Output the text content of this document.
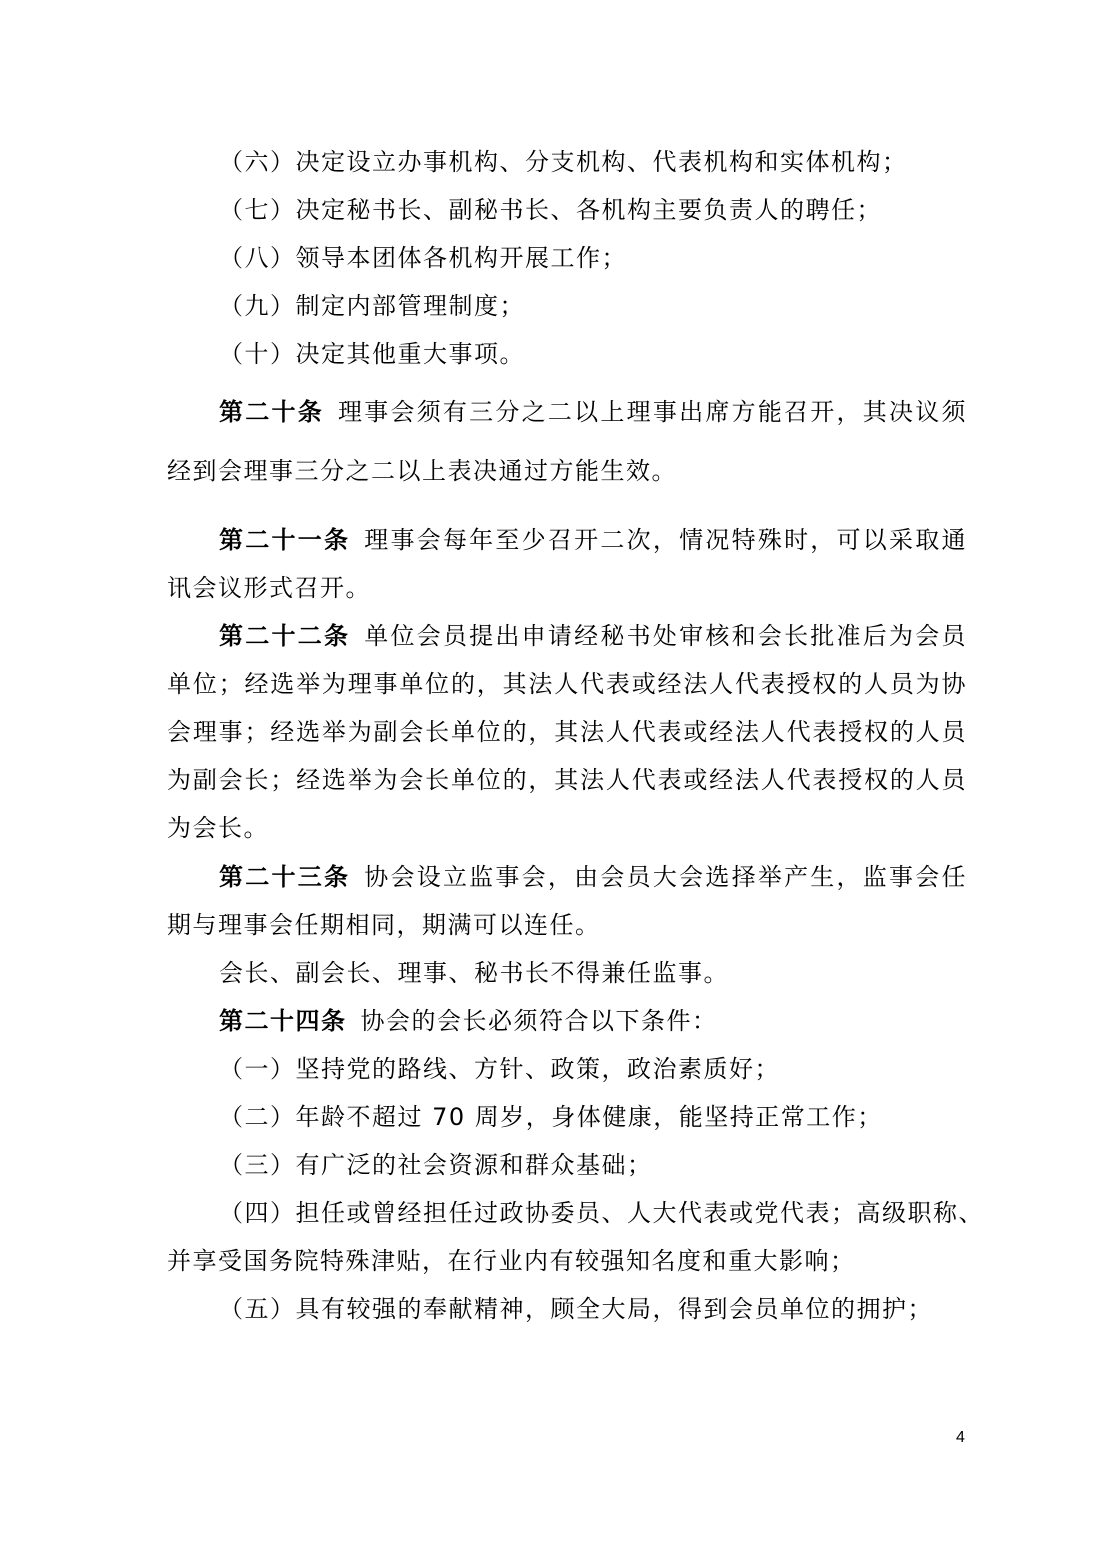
（六）决定设立办事机构、分支机构、代表机构和实体机构；
（七）决定秘书长、副秘书长、各机构主要负责人的聘任；
（八）领导本团体各机构开展工作；
（九）制定内部管理制度；
（十）决定其他重大事项。
第二十条 理事会须有三分之二以上理事出席方能召开，其决议须
经到会理事三分之二以上表决通过方能生效。
第二十一条 理事会每年至少召开二次，情况特殊时，可以采取通
讯会议形式召开。
第二十二条 单位会员提出申请经秘书处审核和会长批准后为会员
单位；经选举为理事单位的，其法人代表或经法人代表授权的人员为协
会理事；经选举为副会长单位的，其法人代表或经法人代表授权的人员
为副会长；经选举为会长单位的，其法人代表或经法人代表授权的人员
为会长。
第二十三条 协会设立监事会，由会员大会选择举产生，监事会任
期与理事会任期相同，期满可以连任。
会长、副会长、理事、秘书长不得兼任监事。
第二十四条 协会的会长必须符合以下条件：
（一）坚持党的路线、方针、政策，政治素质好；
（二）年龄不超过 70 周岁，身体健康，能坚持正常工作；
（三）有广泛的社会资源和群众基础；
（四）担任或曾经担任过政协委员、人大代表或党代表；高级职称、
并享受国务院特殊津贴，在行业内有较强知名度和重大影响；
（五）具有较强的奉献精神，顾全大局，得到会员单位的拥护；
4
